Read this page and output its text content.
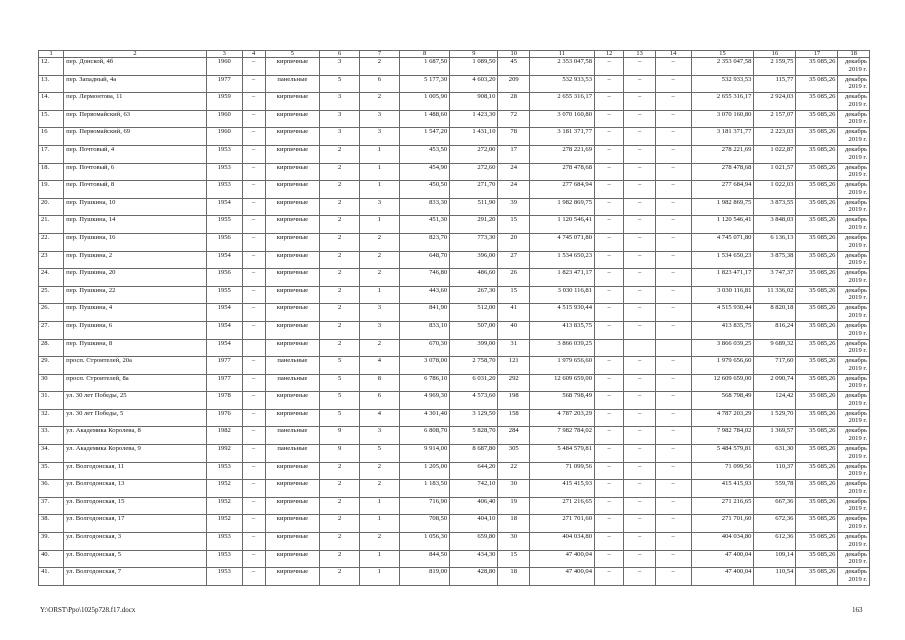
1	2	3	4	5	6	7	8	9	10	11	12	13	14	15	16	17	18
12.	пер. Донской, 4б	1960	–	кирпичные	3	2	1 687,50	1 089,50	45	2 353 047,58	–	–	–	2 353 047,58	2 159,75	35 085,26	декабрь 2019 г.
13.	пер. Западный, 4а	1977	–	панельные	5	6	5 177,30	4 603,20	209	532 933,53	–	–	–	532 933,53	115,77	35 085,26	декабрь 2019 г.
14.	пер. Лермонтова, 11	1959	–	кирпичные	3	2	1 005,90	908,10	28	2 655 316,17	–	–	–	2 655 316,17	2 924,03	35 085,26	декабрь 2019 г.
15.	пер. Первомайский, 63	1960	–	кирпичные	3	3	1 488,60	1 423,30	72	3 070 160,80	–	–	–	3 070 160,80	2 157,07	35 085,26	декабрь 2019 г.
16	пер. Первомайский, 69	1960	–	кирпичные	3	3	1 547,20	1 431,10	78	3 181 371,77	–	–	–	3 181 371,77	2 223,03	35 085,26	декабрь 2019 г.
17.	пер. Почтовый, 4	1953	–	кирпичные	2	1	453,50	272,00	17	278 221,69	–	–	–	278 221,69	1 022,87	35 085,26	декабрь 2019 г.
18.	пер. Почтовый, 6	1953	–	кирпичные	2	1	454,90	272,60	24	278 478,68	–	–	–	278 478,68	1 021,57	35 085,26	декабрь 2019 г.
19.	пер. Почтовый, 8	1953	–	кирпичные	2	1	450,50	271,70	24	277 684,94	–	–	–	277 684,94	1 022,03	35 085,26	декабрь 2019 г.
20.	пер. Пушкина, 10	1954	–	кирпичные	2	3	833,30	511,90	39	1 982 869,75	–	–	–	1 982 869,75	3 873,55	35 085,26	декабрь 2019 г.
21.	пер. Пушкина, 14	1955	–	кирпичные	2	1	451,30	291,20	15	1 120 546,41	–	–	–	1 120 546,41	3 848,03	35 085,26	декабрь 2019 г.
22.	пер. Пушкина, 16	1956	–	кирпичные	2	2	823,70	773,30	20	4 745 071,80	–	–	–	4 745 071,80	6 136,13	35 085,26	декабрь 2019 г.
23	пер. Пушкина, 2	1954	–	кирпичные	2	2	648,70	396,00	27	1 534 650,23	–	–	–	1 534 650,23	3 875,38	35 085,26	декабрь 2019 г.
24.	пер. Пушкина, 20	1956	–	кирпичные	2	2	746,80	486,60	26	1 823 471,17	–	–	–	1 823 471,17	3 747,37	35 085,26	декабрь 2019 г.
25.	пер. Пушкина, 22	1955	–	кирпичные	2	1	443,60	267,30	15	3 030 116,81	–	–	–	3 030 116,81	11 336,02	35 085,26	декабрь 2019 г.
26.	пер. Пушкина, 4	1954	–	кирпичные	2	3	841,90	512,00	41	4 515 930,44	–	–	–	4 515 930,44	8 820,18	35 085,26	декабрь 2019 г.
27.	пер. Пушкина, 6	1954	–	кирпичные	2	3	833,10	507,00	40	413 835,75	–	–	–	413 835,75	816,24	35 085,26	декабрь 2019 г.
28.	пер. Пушкина, 8	1954		кирпичные	2	2	670,30	399,00	31	3 866 039,25				3 866 039,25	9 689,32	35 085,26	декабрь 2019 г.
29.	просп. Строителей, 20а	1977	–	панельные	5	4	3 078,00	2 758,70	121	1 979 656,60	–	–	–	1 979 656,60	717,60	35 085,26	декабрь 2019 г.
30	просп. Строителей, 8а	1977	–	панельные	5	8	6 786,10	6 031,20	292	12 609 659,00	–	–	–	12 609 659,00	2 090,74	35 085,26	декабрь 2019 г.
31.	ул. 30 лет Победы, 25	1978	–	кирпичные	5	6	4 969,30	4 573,60	198	568 798,49	–	–	–	568 798,49	124,42	35 085,26	декабрь 2019 г.
32.	ул. 30 лет Победы, 5	1976	–	кирпичные	5	4	4 301,40	3 129,50	158	4 787 203,29	–	–	–	4 787 203,29	1 529,70	35 085,26	декабрь 2019 г.
33.	ул. Академика Королева, 8	1982	–	панельные	9	3	6 808,70	5 828,70	284	7 982 784,02	–	–	–	7 982 784,02	1 369,57	35 085,26	декабрь 2019 г.
34.	ул. Академика Королева, 9	1992	–	панельные	9	5	9 914,00	8 687,80	305	5 484 579,81	–	–	–	5 484 579,81	631,30	35 085,26	декабрь 2019 г.
35.	ул. Волгодонская, 11	1953	–	кирпичные	2	2	1 205,00	644,20	22	71 099,56	–	–	–	71 099,56	110,37	35 085,26	декабрь 2019 г.
36.	ул. Волгодонская, 13	1952	–	кирпичные	2	2	1 183,50	742,10	30	415 415,93	–	–	–	415 415,93	559,78	35 085,26	декабрь 2019 г.
37.	ул. Волгодонская, 15	1952	–	кирпичные	2	1	716,90	406,40	19	271 216,65	–	–	–	271 216,65	667,36	35 085,26	декабрь 2019 г.
38.	ул. Волгодонская, 17	1952	–	кирпичные	2	1	708,50	404,10	18	271 701,60	–	–	–	271 701,60	672,36	35 085,26	декабрь 2019 г.
39.	ул. Волгодонская, 3	1953	–	кирпичные	2	2	1 056,30	659,80	30	404 034,80	–	–	–	404 034,80	612,36	35 085,26	декабрь 2019 г.
40.	ул. Волгодонская, 5	1953	–	кирпичные	2	1	844,50	434,30	15	47 400,04	–	–	–	47 400,04	109,14	35 085,26	декабрь 2019 г.
41.	ул. Волгодонская, 7	1953	–	кирпичные	2	1	819,00	428,80	18	47 400,04	–	–	–	47 400,04	110,54	35 085,26	декабрь 2019 г.
Y:\ORST\Ppo\1025p728.f17.docx	163
